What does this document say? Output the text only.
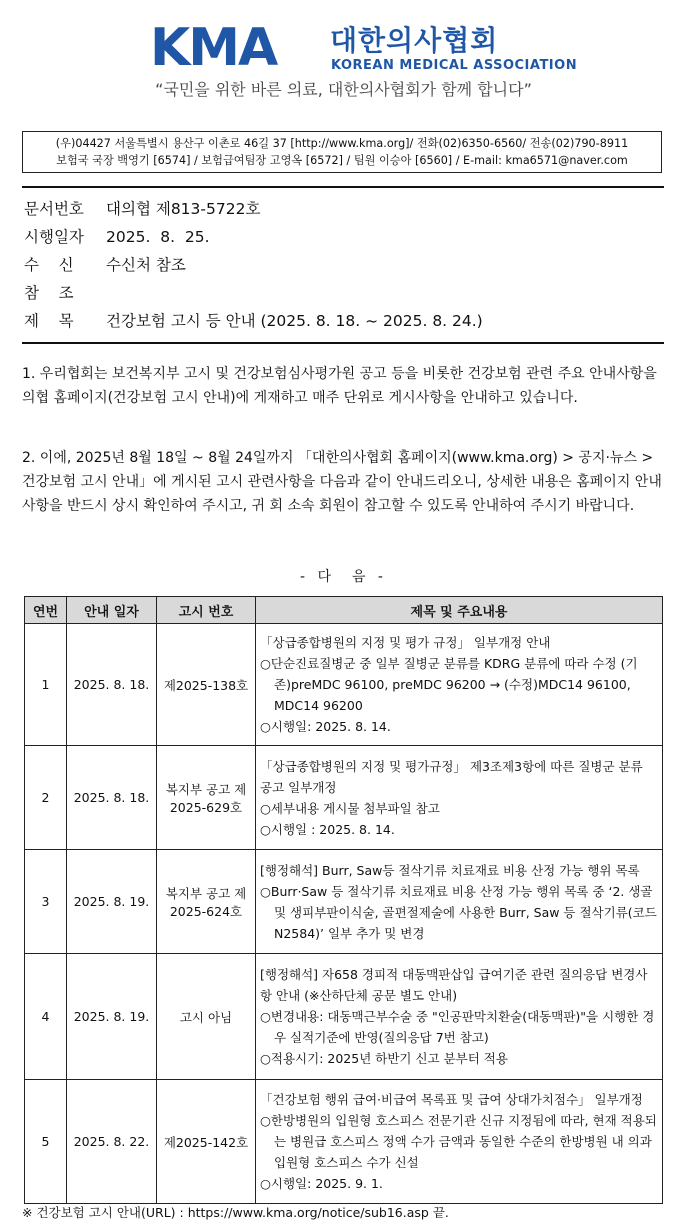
KMA 대한의사협회
KOREAN MEDICAL ASSOCIATION
“국민을 위한 바른 의료, 대한의사협회가 함께 합니다”
(우)04427 서울특별시 용산구 이촌로 46길 37 [http://www.kma.org]/ 전화(02)6350-6560/ 전송(02)790-8911
보험국 국장 백영기 [6574] / 보험급여팀장 고영옥 [6572] / 팀원 이승아 [6560] / E-mail: kma6571@naver.com
문서번호	대의협 제813-5722호
시행일자	2025.  8.  25.
수    신	수신처 참조
참    조
제    목	건강보험 고시 등 안내 (2025. 8. 18. ~ 2025. 8. 24.)
1. 우리협회는 보건복지부 고시 및 건강보험심사평가원 공고 등을 비롯한 건강보험 관련 주요 안내사항을 의협 홈페이지(건강보험 고시 안내)에 게재하고 매주 단위로 게시사항을 안내하고 있습니다.
2. 이에, 2025년 8월 18일 ~ 8월 24일까지 「대한의사협회 홈페이지(www.kma.org) > 공지·뉴스 > 건강보험 고시 안내」에 게시된 고시 관련사항을 다음과 같이 안내드리오니, 상세한 내용은 홈페이지 안내사항을 반드시 상시 확인하여 주시고, 귀 회 소속 회원이 참고할 수 있도록 안내하여 주시기 바랍니다.
- 다  음 -
연번	안내 일자	고시 번호	제목 및 주요내용
1	2025. 8. 18.	제2025-138호	「상급종합병원의 지정 및 평가 규정」 일부개정 안내
○단순진료질병군 중 일부 질병군 분류를 KDRG 분류에 따라 수정 (기존)preMDC 96100, preMDC 96200 → (수정)MDC14 96100, MDC14 96200
○시행일: 2025. 8. 14.

2	2025. 8. 18.	복지부 공고 제2025-629호	「상급종합병원의 지정 및 평가규정」 제3조제3항에 따른 질병군 분류 공고 일부개정
○세부내용 게시물 첨부파일 참고
○시행일 : 2025. 8. 14.

3	2025. 8. 19.	복지부 공고 제2025-624호	[행정해석] Burr, Saw등 절삭기류 치료재료 비용 산정 가능 행위 목록
○Burr·Saw 등 절삭기류 치료재료 비용 산정 가능 행위 목록 중 ‘2. 생골 및 생피부판이식술, 골편절제술에 사용한 Burr, Saw 등 절삭기류(코드N2584)’ 일부 추가 및 변경

4	2025. 8. 19.	고시 아님	[행정해석] 자658 경피적 대동맥판삽입 급여기준 관련 질의응답 변경사항 안내 (※산하단체 공문 별도 안내)
○변경내용: 대동맥근부수술 중 "인공판막치환술(대동맥판)"을 시행한 경우 실적기준에 반영(질의응답 7번 참고)
○적용시기: 2025년 하반기 신고 분부터 적용

5	2025. 8. 22.	제2025-142호	「건강보험 행위 급여·비급여 목록표 및 급여 상대가치점수」 일부개정
○한방병원의 입원형 호스피스 전문기관 신규 지정됨에 따라, 현재 적용되는 병원급 호스피스 정액 수가 금액과 동일한 수준의 한방병원 내 의과 입원형 호스피스 수가 신설
○시행일: 2025. 9. 1.
※ 건강보험 고시 안내(URL) : https://www.kma.org/notice/sub16.asp 끝.
